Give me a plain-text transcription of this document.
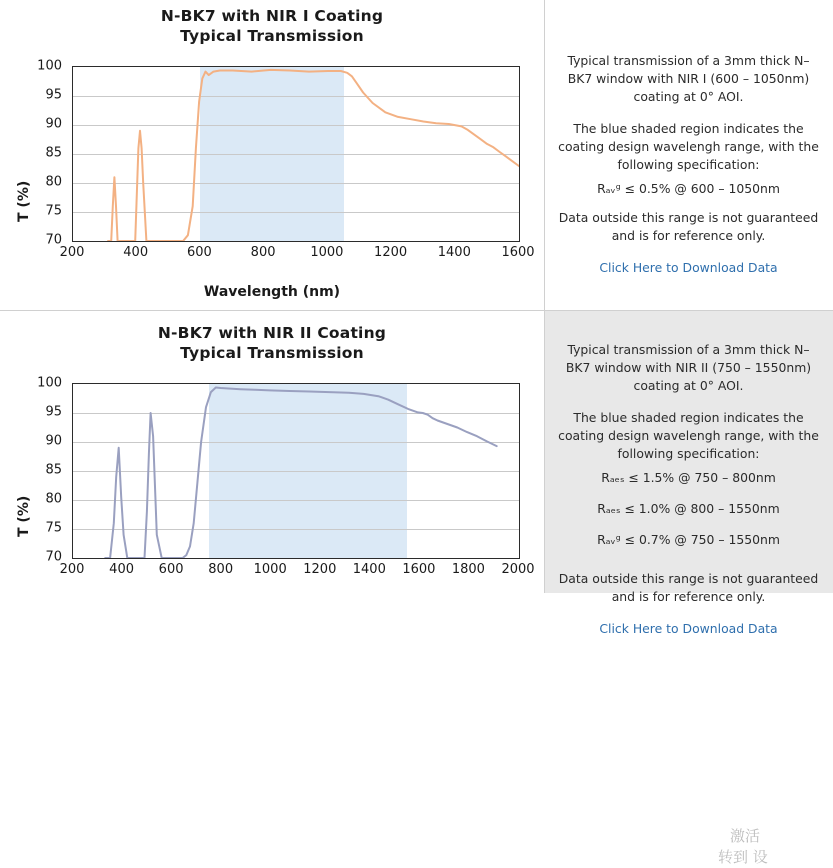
N-BK7 with NIR I Coating
Typical Transmission
T (%)
100
95
90
85
80
75
70
200	400	600	800	1000 1200 1400 1600
Wavelength (nm)

Typical transmission of a 3mm thick N–BK7 window with NIR I (600 – 1050nm) coating at 0° AOI.

The blue shaded region indicates the coating design wavelengh range, with the following specification:

Rₐᵥᵍ ≤ 0.5% @ 600 – 1050nm

Data outside this range is not guaranteed and is for reference only.

Click Here to Download Data
N-BK7 with NIR II Coating
Typical Transmission
T (%)
100
95
90
85
80
75
70
200 400 600 800 1000 1200 1400 1600 1800 2000

Typical transmission of a 3mm thick N–BK7 window with NIR II (750 – 1550nm) coating at 0° AOI.

The blue shaded region indicates the coating design wavelengh range, with the following specification:

Rₐₑₛ ≤ 1.5% @ 750 – 800nm

Rₐₑₛ ≤ 1.0% @ 800 – 1550nm

Rₐᵥᵍ ≤ 0.7% @ 750 – 1550nm

Data outside this range is not guaranteed and is for reference only.

Click Here to Download Data
激活
转到 设
